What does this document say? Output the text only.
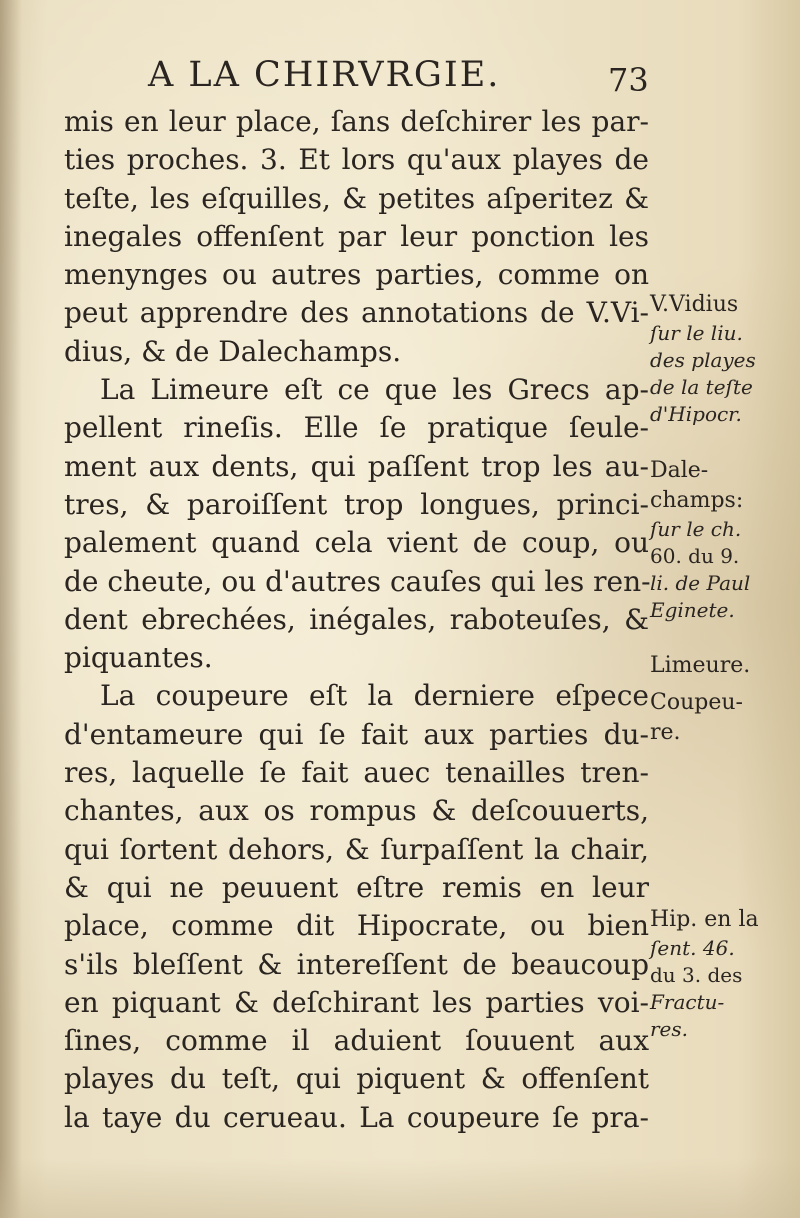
A LA CHIRVRGIE.	73
mis en leur place, ſans deſchirer les par-
ties proches. 3. Et lors qu'aux playes de
teſte, les eſquilles, & petites aſperitez &
inegales offenſent par leur ponction les
menynges ou autres parties, comme on
peut apprendre des annotations de V.Vi-
dius, & de Dalechamps.
La Limeure eſt ce que les Grecs ap-
pellent rineſis. Elle ſe pratique ſeule-
ment aux dents, qui paſſent trop les au-
tres, & paroiſſent trop longues, princi-
palement quand cela vient de coup, ou
de cheute, ou d'autres cauſes qui les ren-
dent ebrechées, inégales, raboteuſes, &
piquantes.
La coupeure eſt la derniere eſpece
d'entameure qui ſe fait aux parties du-
res, laquelle ſe fait auec tenailles tren-
chantes, aux os rompus & deſcouuerts,
qui ſortent dehors, & ſurpaſſent la chair,
& qui ne peuuent eſtre remis en leur
place, comme dit Hipocrate, ou bien
s'ils bleſſent & intereſſent de beaucoup
en piquant & deſchirant les parties voi-
ſines, comme il aduient ſouuent aux
playes du teſt, qui piquent & offenſent
la taye du cerueau. La coupeure ſe pra-
V.Vidius
ſur le liu.
des playes
de la teſte
d'Hipocr.
Dale-
champs:
ſur le ch.
60. du 9.
li. de Paul
Eginete.
Limeure.
Coupeu-
re.
Hip. en la
ſent. 46.
du 3. des
Fractu-
res.
